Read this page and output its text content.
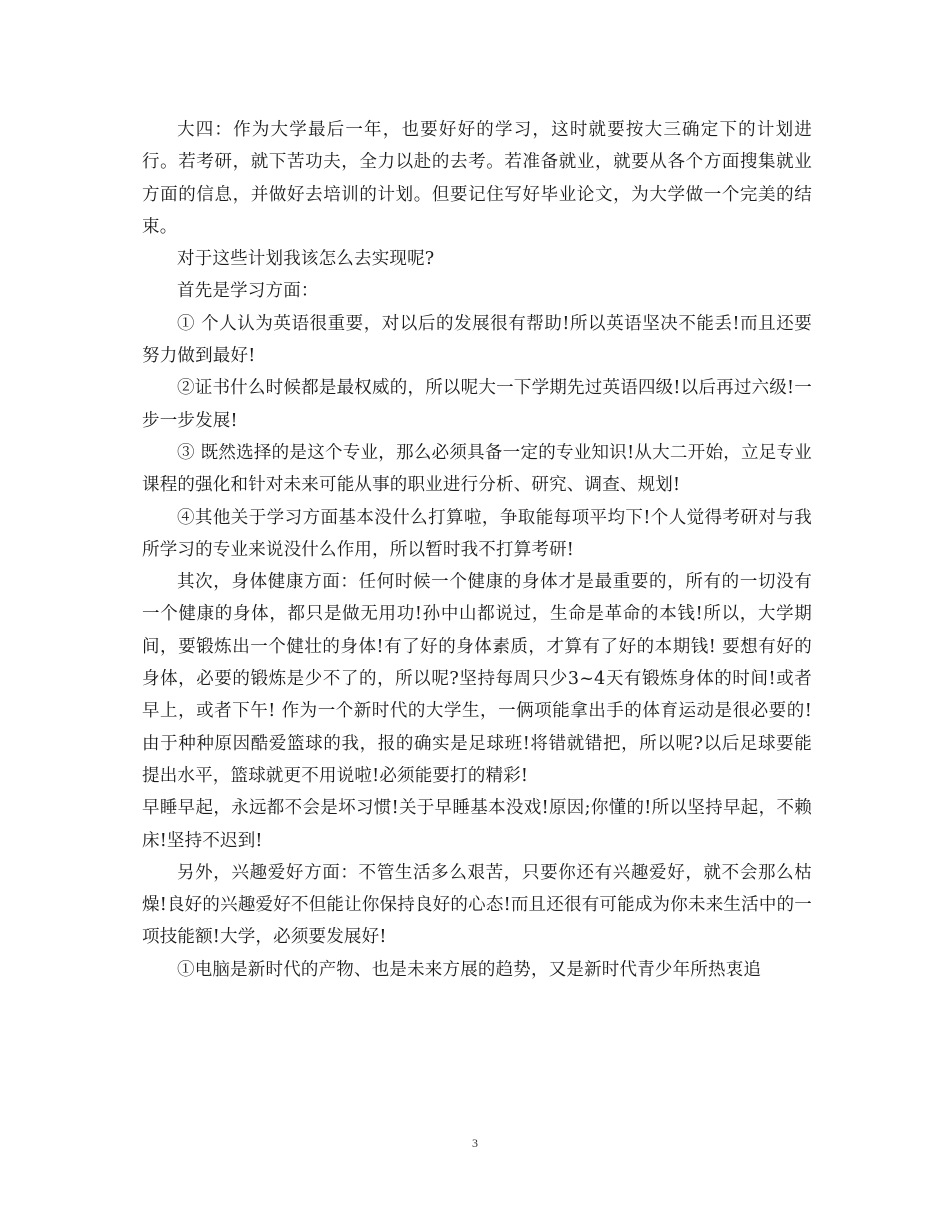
大四：作为大学最后一年，也要好好的学习，这时就要按大三确定下的计划进行。若考研，就下苦功夫，全力以赴的去考。若准备就业，就要从各个方面搜集就业方面的信息，并做好去培训的计划。但要记住写好毕业论文，为大学做一个完美的结束。

对于这些计划我该怎么去实现呢?

首先是学习方面：

① 个人认为英语很重要，对以后的发展很有帮助!所以英语坚决不能丢!而且还要努力做到最好!

②证书什么时候都是最权威的，所以呢大一下学期先过英语四级!以后再过六级!一步一步发展!

③ 既然选择的是这个专业，那么必须具备一定的专业知识!从大二开始，立足专业课程的强化和针对未来可能从事的职业进行分析、研究、调查、规划!

④其他关于学习方面基本没什么打算啦，争取能每项平均下!个人觉得考研对与我所学习的专业来说没什么作用，所以暂时我不打算考研!

其次，身体健康方面：任何时候一个健康的身体才是最重要的，所有的一切没有一个健康的身体，都只是做无用功!孙中山都说过，生命是革命的本钱!所以，大学期间，要锻炼出一个健壮的身体!有了好的身体素质，才算有了好的本期钱! 要想有好的身体，必要的锻炼是少不了的，所以呢?坚持每周只少3~4天有锻炼身体的时间!或者早上，或者下午! 作为一个新时代的大学生，一俩项能拿出手的体育运动是很必要的!由于种种原因酷爱篮球的我，报的确实是足球班!将错就错把，所以呢?以后足球要能提出水平，篮球就更不用说啦!必须能要打的精彩!

早睡早起，永远都不会是坏习惯!关于早睡基本没戏!原因;你懂的!所以坚持早起，不赖床!坚持不迟到!

另外，兴趣爱好方面：不管生活多么艰苦，只要你还有兴趣爱好，就不会那么枯燥!良好的兴趣爱好不但能让你保持良好的心态!而且还很有可能成为你未来生活中的一项技能额!大学，必须要发展好!

①电脑是新时代的产物、也是未来方展的趋势，又是新时代青少年所热衷追

3
